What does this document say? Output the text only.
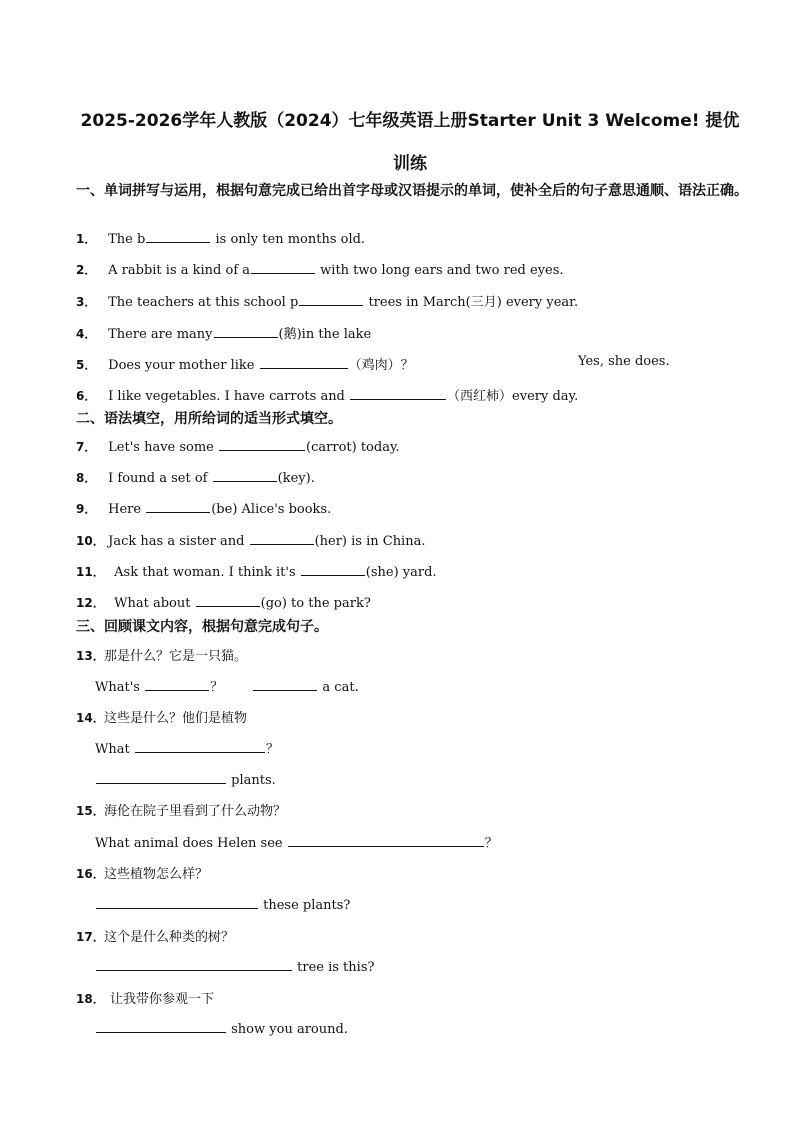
2025-2026学年人教版（2024）七年级英语上册Starter Unit 3 Welcome! 提优
训练
一、单词拼写与运用，根据句意完成已给出首字母或汉语提示的单词，使补全后的句子意思通顺、语法正确。
1． The b	is only ten months old.
2． A rabbit is a kind of a	with two long ears and two red eyes.
3． The teachers at this school p	trees in March(三月) every year.
4． There are many	(鹅)in the lake
5． Does your mother like	（鸡肉）？	Yes, she does.
6． I like vegetables. I have carrots and	（西红柿）every day.
二、语法填空，用所给词的适当形式填空。
7． Let's have some	(carrot) today.
8． I found a set of	(key).
9． Here	(be) Alice's books.
10． Jack has a sister and	(her) is in China.
11． Ask that woman. I think it's	(she) yard.
12． What about	(go) to the park?
三、回顾课文内容，根据句意完成句子。
13．那是什么？它是一只猫。
What's	？	a cat.
14．这些是什么？他们是植物
What	？
plants.
15．海伦在院子里看到了什么动物？
What animal does Helen see	？
16．这些植物怎么样？
these plants?
17．这个是什么种类的树？
tree is this?
18． 让我带你参观一下
show you around.
